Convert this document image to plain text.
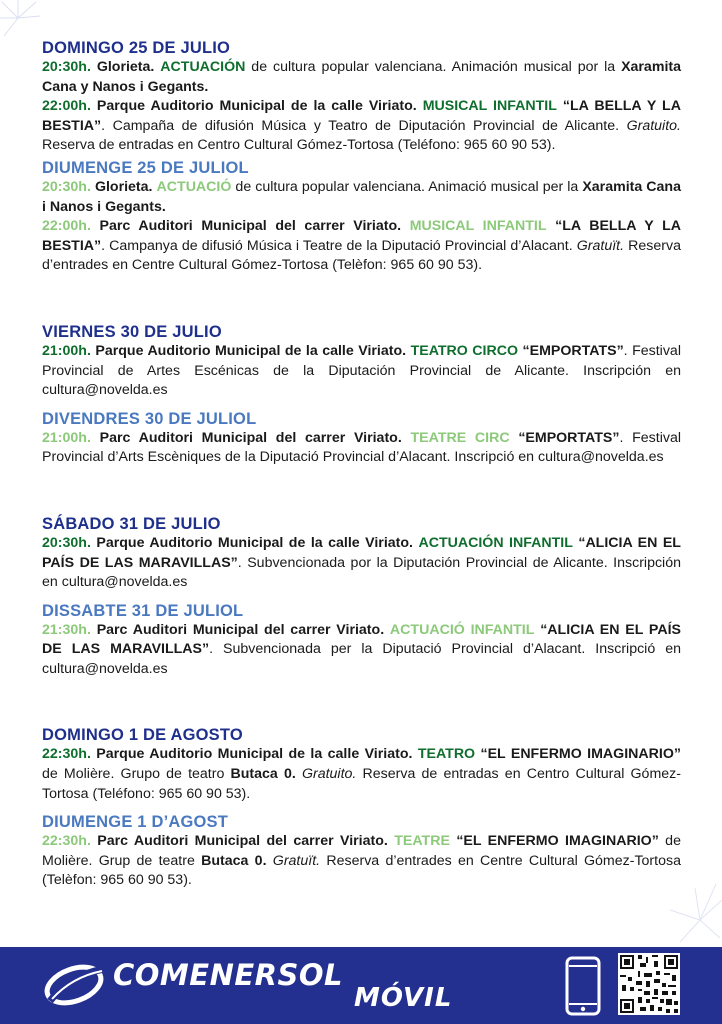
DOMINGO 25 DE JULIO

20:30h. Glorieta. ACTUACIÓN de cultura popular valenciana. Animación musical por la Xaramita Cana y Nanos i Gegants.

22:00h. Parque Auditorio Municipal de la calle Viriato. MUSICAL INFANTIL “LA BELLA Y LA BESTIA”. Campaña de difusión Música y Teatro de Diputación Provincial de Alicante. Gratuito. Reserva de entradas en Centro Cultural Gómez-Tortosa (Teléfono: 965 60 90 53).

DIUMENGE 25 DE JULIOL

20:30h. Glorieta. ACTUACIÓ de cultura popular valenciana. Animació musical per la Xaramita Cana i Nanos i Gegants.

22:00h. Parc Auditori Municipal del carrer Viriato. MUSICAL INFANTIL “LA BELLA Y LA BESTIA”. Campanya de difusió Música i Teatre de la Diputació Provincial d’Alacant. Gratuït. Reserva d’entrades en Centre Cultural Gómez-Tortosa (Telèfon: 965 60 90 53).

VIERNES 30 DE JULIO

21:00h. Parque Auditorio Municipal de la calle Viriato. TEATRO CIRCO “EMPORTATS”. Festival Provincial de Artes Escénicas de la Diputación Provincial de Alicante. Inscripción en cultura@novelda.es

DIVENDRES 30 DE JULIOL

21:00h. Parc Auditori Municipal del carrer Viriato. TEATRE CIRC “EMPORTATS”. Festival Provincial d’Arts Escèniques de la Diputació Provincial d’Alacant. Inscripció en cultura@novelda.es

SÁBADO 31 DE JULIO

20:30h. Parque Auditorio Municipal de la calle Viriato. ACTUACIÓN INFANTIL “ALICIA EN EL PAÍS DE LAS MARAVILLAS”. Subvencionada por la Diputación Provincial de Alicante. Inscripción en cultura@novelda.es

DISSABTE 31 DE JULIOL

21:30h. Parc Auditori Municipal del carrer Viriato. ACTUACIÓ INFANTIL “ALICIA EN EL PAÍS DE LAS MARAVILLAS”. Subvencionada per la Diputació Provincial d’Alacant. Inscripció en cultura@novelda.es

DOMINGO 1 DE AGOSTO

22:30h. Parque Auditorio Municipal de la calle Viriato. TEATRO “EL ENFERMO IMAGINARIO” de Molière. Grupo de teatro Butaca 0. Gratuito. Reserva de entradas en Centro Cultural Gómez-Tortosa (Teléfono: 965 60 90 53).

DIUMENGE 1 D’AGOST

22:30h. Parc Auditori Municipal del carrer Viriato. TEATRE “EL ENFERMO IMAGINARIO” de Molière. Grup de teatre Butaca 0. Gratuït. Reserva d’entrades en Centre Cultural Gómez-Tortosa (Telèfon: 965 60 90 53).

COMENERSOL
MÓVIL
